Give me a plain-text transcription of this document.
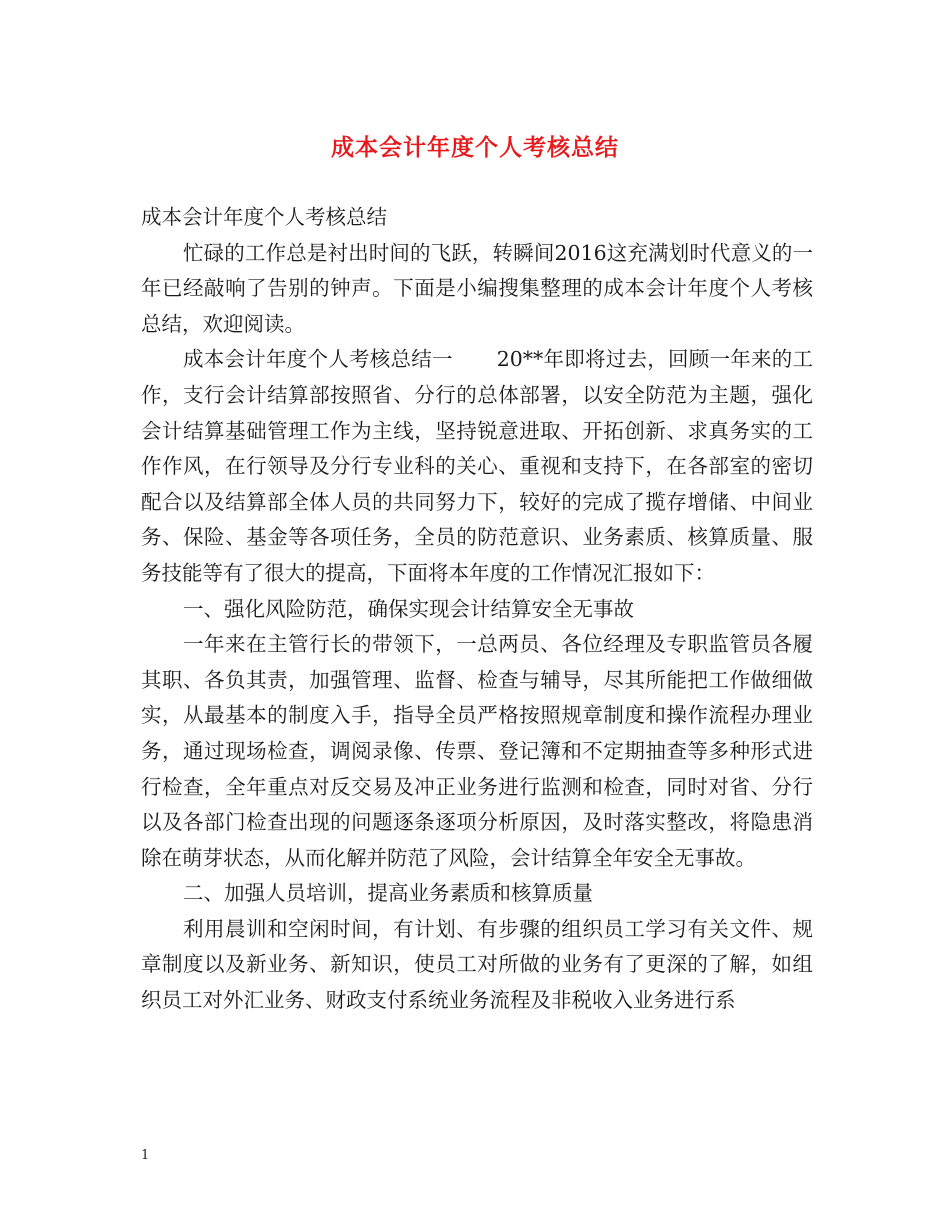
成本会计年度个人考核总结

成本会计年度个人考核总结

忙碌的工作总是衬出时间的飞跃，转瞬间2016这充满划时代意义的一年已经敲响了告别的钟声。下面是小编搜集整理的成本会计年度个人考核总结，欢迎阅读。

成本会计年度个人考核总结一 20**年即将过去，回顾一年来的工作，支行会计结算部按照省、分行的总体部署，以安全防范为主题，强化会计结算基础管理工作为主线，坚持锐意进取、开拓创新、求真务实的工作作风，在行领导及分行专业科的关心、重视和支持下，在各部室的密切配合以及结算部全体人员的共同努力下，较好的完成了揽存增储、中间业务、保险、基金等各项任务，全员的防范意识、业务素质、核算质量、服务技能等有了很大的提高，下面将本年度的工作情况汇报如下：

一、强化风险防范，确保实现会计结算安全无事故

一年来在主管行长的带领下，一总两员、各位经理及专职监管员各履其职、各负其责，加强管理、监督、检查与辅导，尽其所能把工作做细做实，从最基本的制度入手，指导全员严格按照规章制度和操作流程办理业务，通过现场检查，调阅录像、传票、登记簿和不定期抽查等多种形式进行检查，全年重点对反交易及冲正业务进行监测和检查，同时对省、分行以及各部门检查出现的问题逐条逐项分析原因，及时落实整改，将隐患消除在萌芽状态，从而化解并防范了风险，会计结算全年安全无事故。

二、加强人员培训，提高业务素质和核算质量

利用晨训和空闲时间，有计划、有步骤的组织员工学习有关文件、规章制度以及新业务、新知识，使员工对所做的业务有了更深的了解，如组织员工对外汇业务、财政支付系统业务流程及非税收入业务进行系

1
